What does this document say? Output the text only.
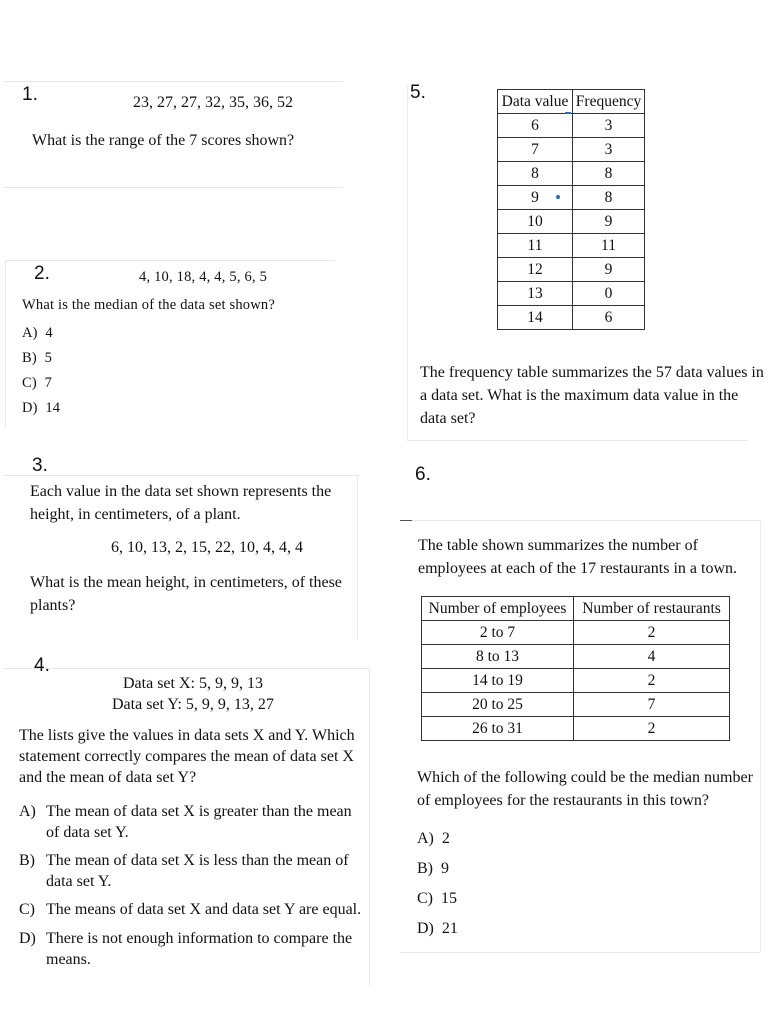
1.	23, 27, 27, 32, 35, 36, 52
What is the range of the 7 scores shown?
2.	4, 10, 18, 4, 4, 5, 6, 5
What is the median of the data set shown?
A) 4
B) 5
C) 7
D) 14
3.
Each value in the data set shown represents the
height, in centimeters, of a plant.
6, 10, 13, 2, 15, 22, 10, 4, 4, 4
What is the mean height, in centimeters, of these
plants?
4.
Data set X: 5, 9, 9, 13
Data set Y: 5, 9, 9, 13, 27
The lists give the values in data sets X and Y. Which
statement correctly compares the mean of data set X
and the mean of data set Y?
A) The mean of data set X is greater than the mean
of data set Y.
B) The mean of data set X is less than the mean of
data set Y.
C) The means of data set X and data set Y are equal.
D) There is not enough information to compare the
means.
5.	Data value	Frequency
6	3
7	3
8	8
9	8
10	9
11	11
12	9
13	0
14	6
The frequency table summarizes the 57 data values in
a data set. What is the maximum data value in the
data set?
6.
The table shown summarizes the number of
employees at each of the 17 restaurants in a town.
Number of employees	Number of restaurants
2 to 7	2
8 to 13	4
14 to 19	2
20 to 25	7
26 to 31	2
Which of the following could be the median number
of employees for the restaurants in this town?
A) 2
B) 9
C) 15
D) 21
